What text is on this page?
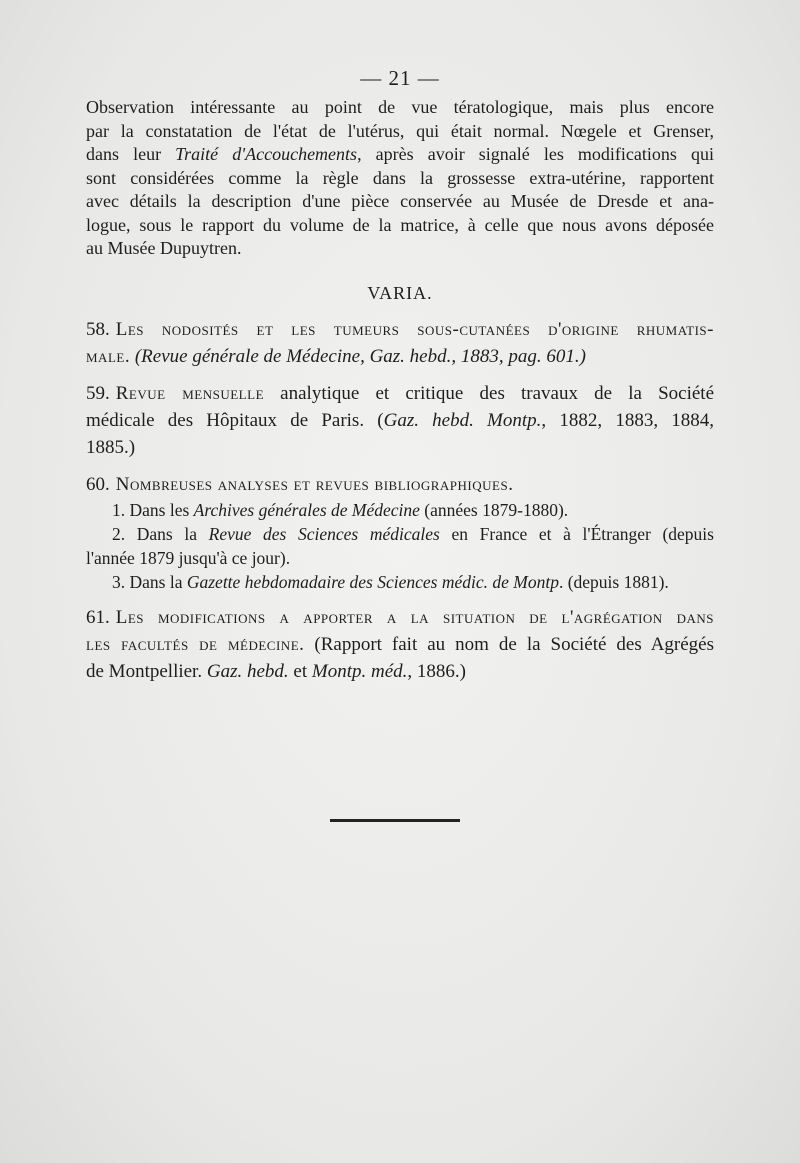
— 21 —
Observation intéressante au point de vue tératologique, mais plus encore
par la constatation de l'état de l'utérus, qui était normal. Nœgele et Grenser,
dans leur Traité d'Accouchements, après avoir signalé les modifications qui
sont considérées comme la règle dans la grossesse extra-utérine, rapportent
avec détails la description d'une pièce conservée au Musée de Dresde et ana-
logue, sous le rapport du volume de la matrice, à celle que nous avons déposée
au Musée Dupuytren.
VARIA.
58. Les nodosités et les tumeurs sous-cutanées d'origine rhumatis-
male. (Revue générale de Médecine, Gaz. hebd., 1883, pag. 601.)
59. Revue mensuelle analytique et critique des travaux de la Société
médicale des Hôpitaux de Paris. (Gaz. hebd. Montp., 1882, 1883, 1884,
1885.)
60. Nombreuses analyses et revues bibliographiques.
1. Dans les Archives générales de Médecine (années 1879-1880).
2. Dans la Revue des Sciences médicales en France et à l'Étranger (depuis
l'année 1879 jusqu'à ce jour).
3. Dans la Gazette hebdomadaire des Sciences médic. de Montp. (depuis 1881).
61. Les modifications a apporter a la situation de l'agrégation dans
les facultés de médecine. (Rapport fait au nom de la Société des Agrégés
de Montpellier. Gaz. hebd. et Montp. méd., 1886.)
